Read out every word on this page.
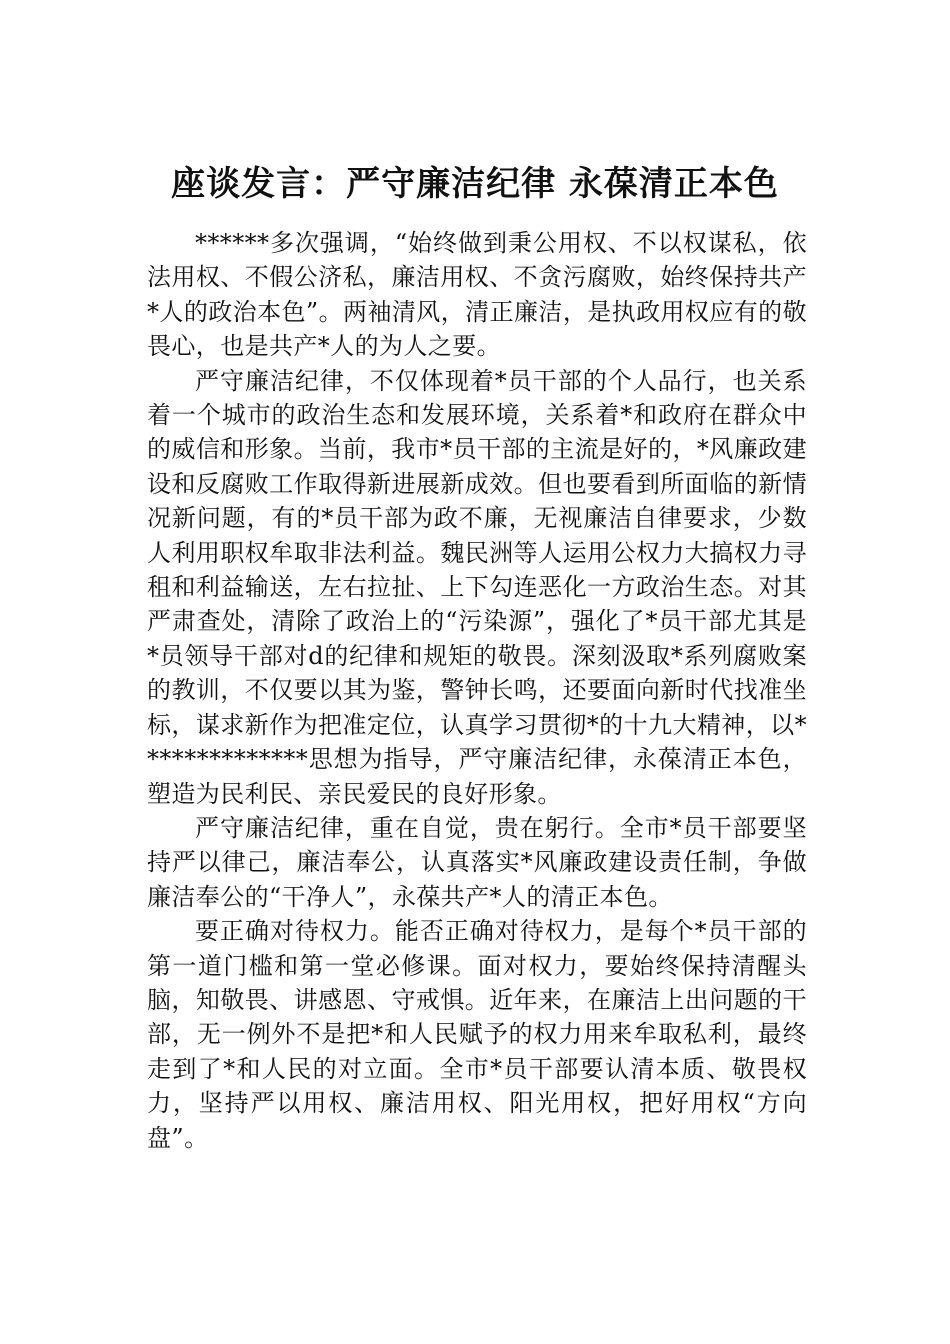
座谈发言：严守廉洁纪律 永葆清正本色

******多次强调，“始终做到秉公用权、不以权谋私，依法用权、不假公济私，廉洁用权、不贪污腐败，始终保持共产*人的政治本色”。两袖清风，清正廉洁，是执政用权应有的敬畏心，也是共产*人的为人之要。

严守廉洁纪律，不仅体现着*员干部的个人品行，也关系着一个城市的政治生态和发展环境，关系着*和政府在群众中的威信和形象。当前，我市*员干部的主流是好的，*风廉政建设和反腐败工作取得新进展新成效。但也要看到所面临的新情况新问题，有的*员干部为政不廉，无视廉洁自律要求，少数人利用职权牟取非法利益。魏民洲等人运用公权力大搞权力寻租和利益输送，左右拉扯、上下勾连恶化一方政治生态。对其严肃查处，清除了政治上的“污染源”，强化了*员干部尤其是*员领导干部对d的纪律和规矩的敬畏。深刻汲取*系列腐败案的教训，不仅要以其为鉴，警钟长鸣，还要面向新时代找准坐标，谋求新作为把准定位，认真学习贯彻*的十九大精神，以**************思想为指导，严守廉洁纪律，永葆清正本色，塑造为民利民、亲民爱民的良好形象。

严守廉洁纪律，重在自觉，贵在躬行。全市*员干部要坚持严以律己，廉洁奉公，认真落实*风廉政建设责任制，争做廉洁奉公的“干净人”，永葆共产*人的清正本色。

要正确对待权力。能否正确对待权力，是每个*员干部的第一道门槛和第一堂必修课。面对权力，要始终保持清醒头脑，知敬畏、讲感恩、守戒惧。近年来，在廉洁上出问题的干部，无一例外不是把*和人民赋予的权力用来牟取私利，最终走到了*和人民的对立面。全市*员干部要认清本质、敬畏权力，坚持严以用权、廉洁用权、阳光用权，把好用权“方向盘”。
